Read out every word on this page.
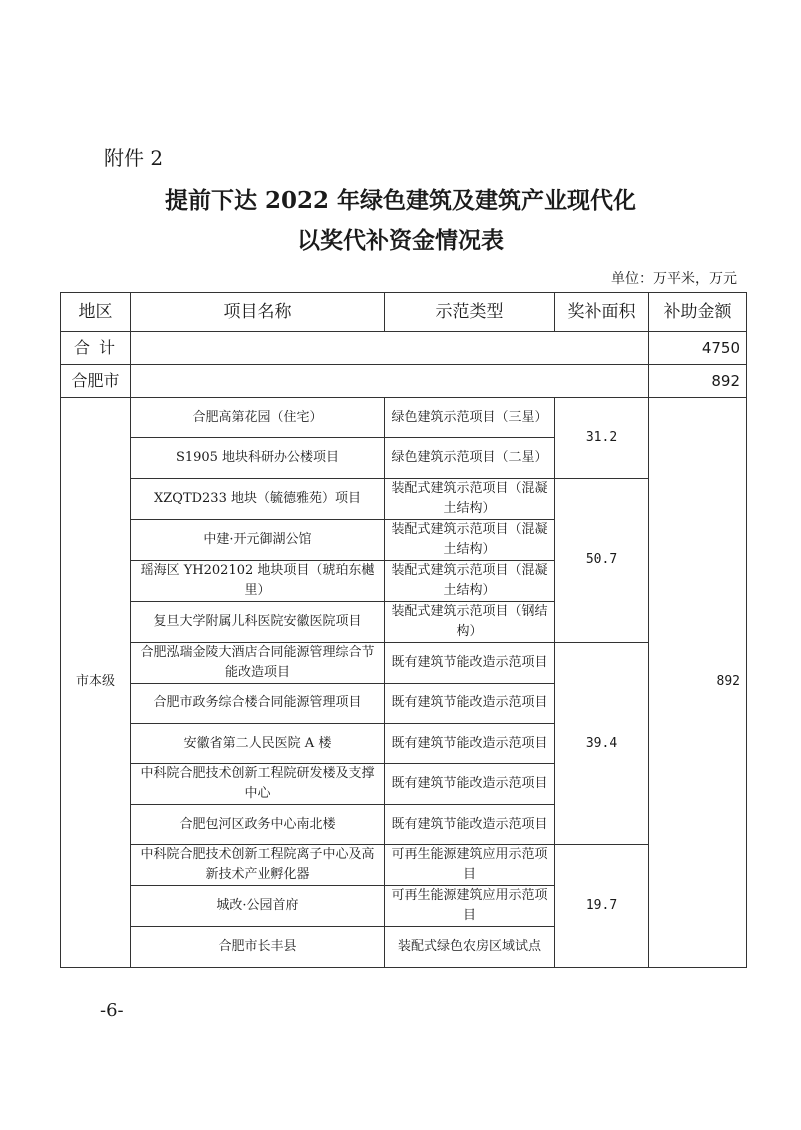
附件 2
提前下达 2022 年绿色建筑及建筑产业现代化
以奖代补资金情况表
单位：万平米，万元
地区	项目名称	示范类型	奖补面积	补助金额
合 计				4750
合肥市				892
市本级	合肥高第花园（住宅）	绿色建筑示范项目（三星）	31.2	892
	S1905 地块科研办公楼项目	绿色建筑示范项目（二星）		
	XZQTD233 地块（毓德雅苑）项目	装配式建筑示范项目（混凝土结构）	50.7	
	中建·开元御湖公馆	装配式建筑示范项目（混凝土结构）		
	瑶海区 YH202102 地块项目（琥珀东樾里）	装配式建筑示范项目（混凝土结构）		
	复旦大学附属儿科医院安徽医院项目	装配式建筑示范项目（钢结构）		
	合肥泓瑞金陵大酒店合同能源管理综合节能改造项目	既有建筑节能改造示范项目	39.4	
	合肥市政务综合楼合同能源管理项目	既有建筑节能改造示范项目		
	安徽省第二人民医院 A 楼	既有建筑节能改造示范项目		
	中科院合肥技术创新工程院研发楼及支撑中心	既有建筑节能改造示范项目		
	合肥包河区政务中心南北楼	既有建筑节能改造示范项目		
	中科院合肥技术创新工程院离子中心及高新技术产业孵化器	可再生能源建筑应用示范项目	19.7	
	城改·公园首府	可再生能源建筑应用示范项目		
	合肥市长丰县	装配式绿色农房区域试点		
-6-
